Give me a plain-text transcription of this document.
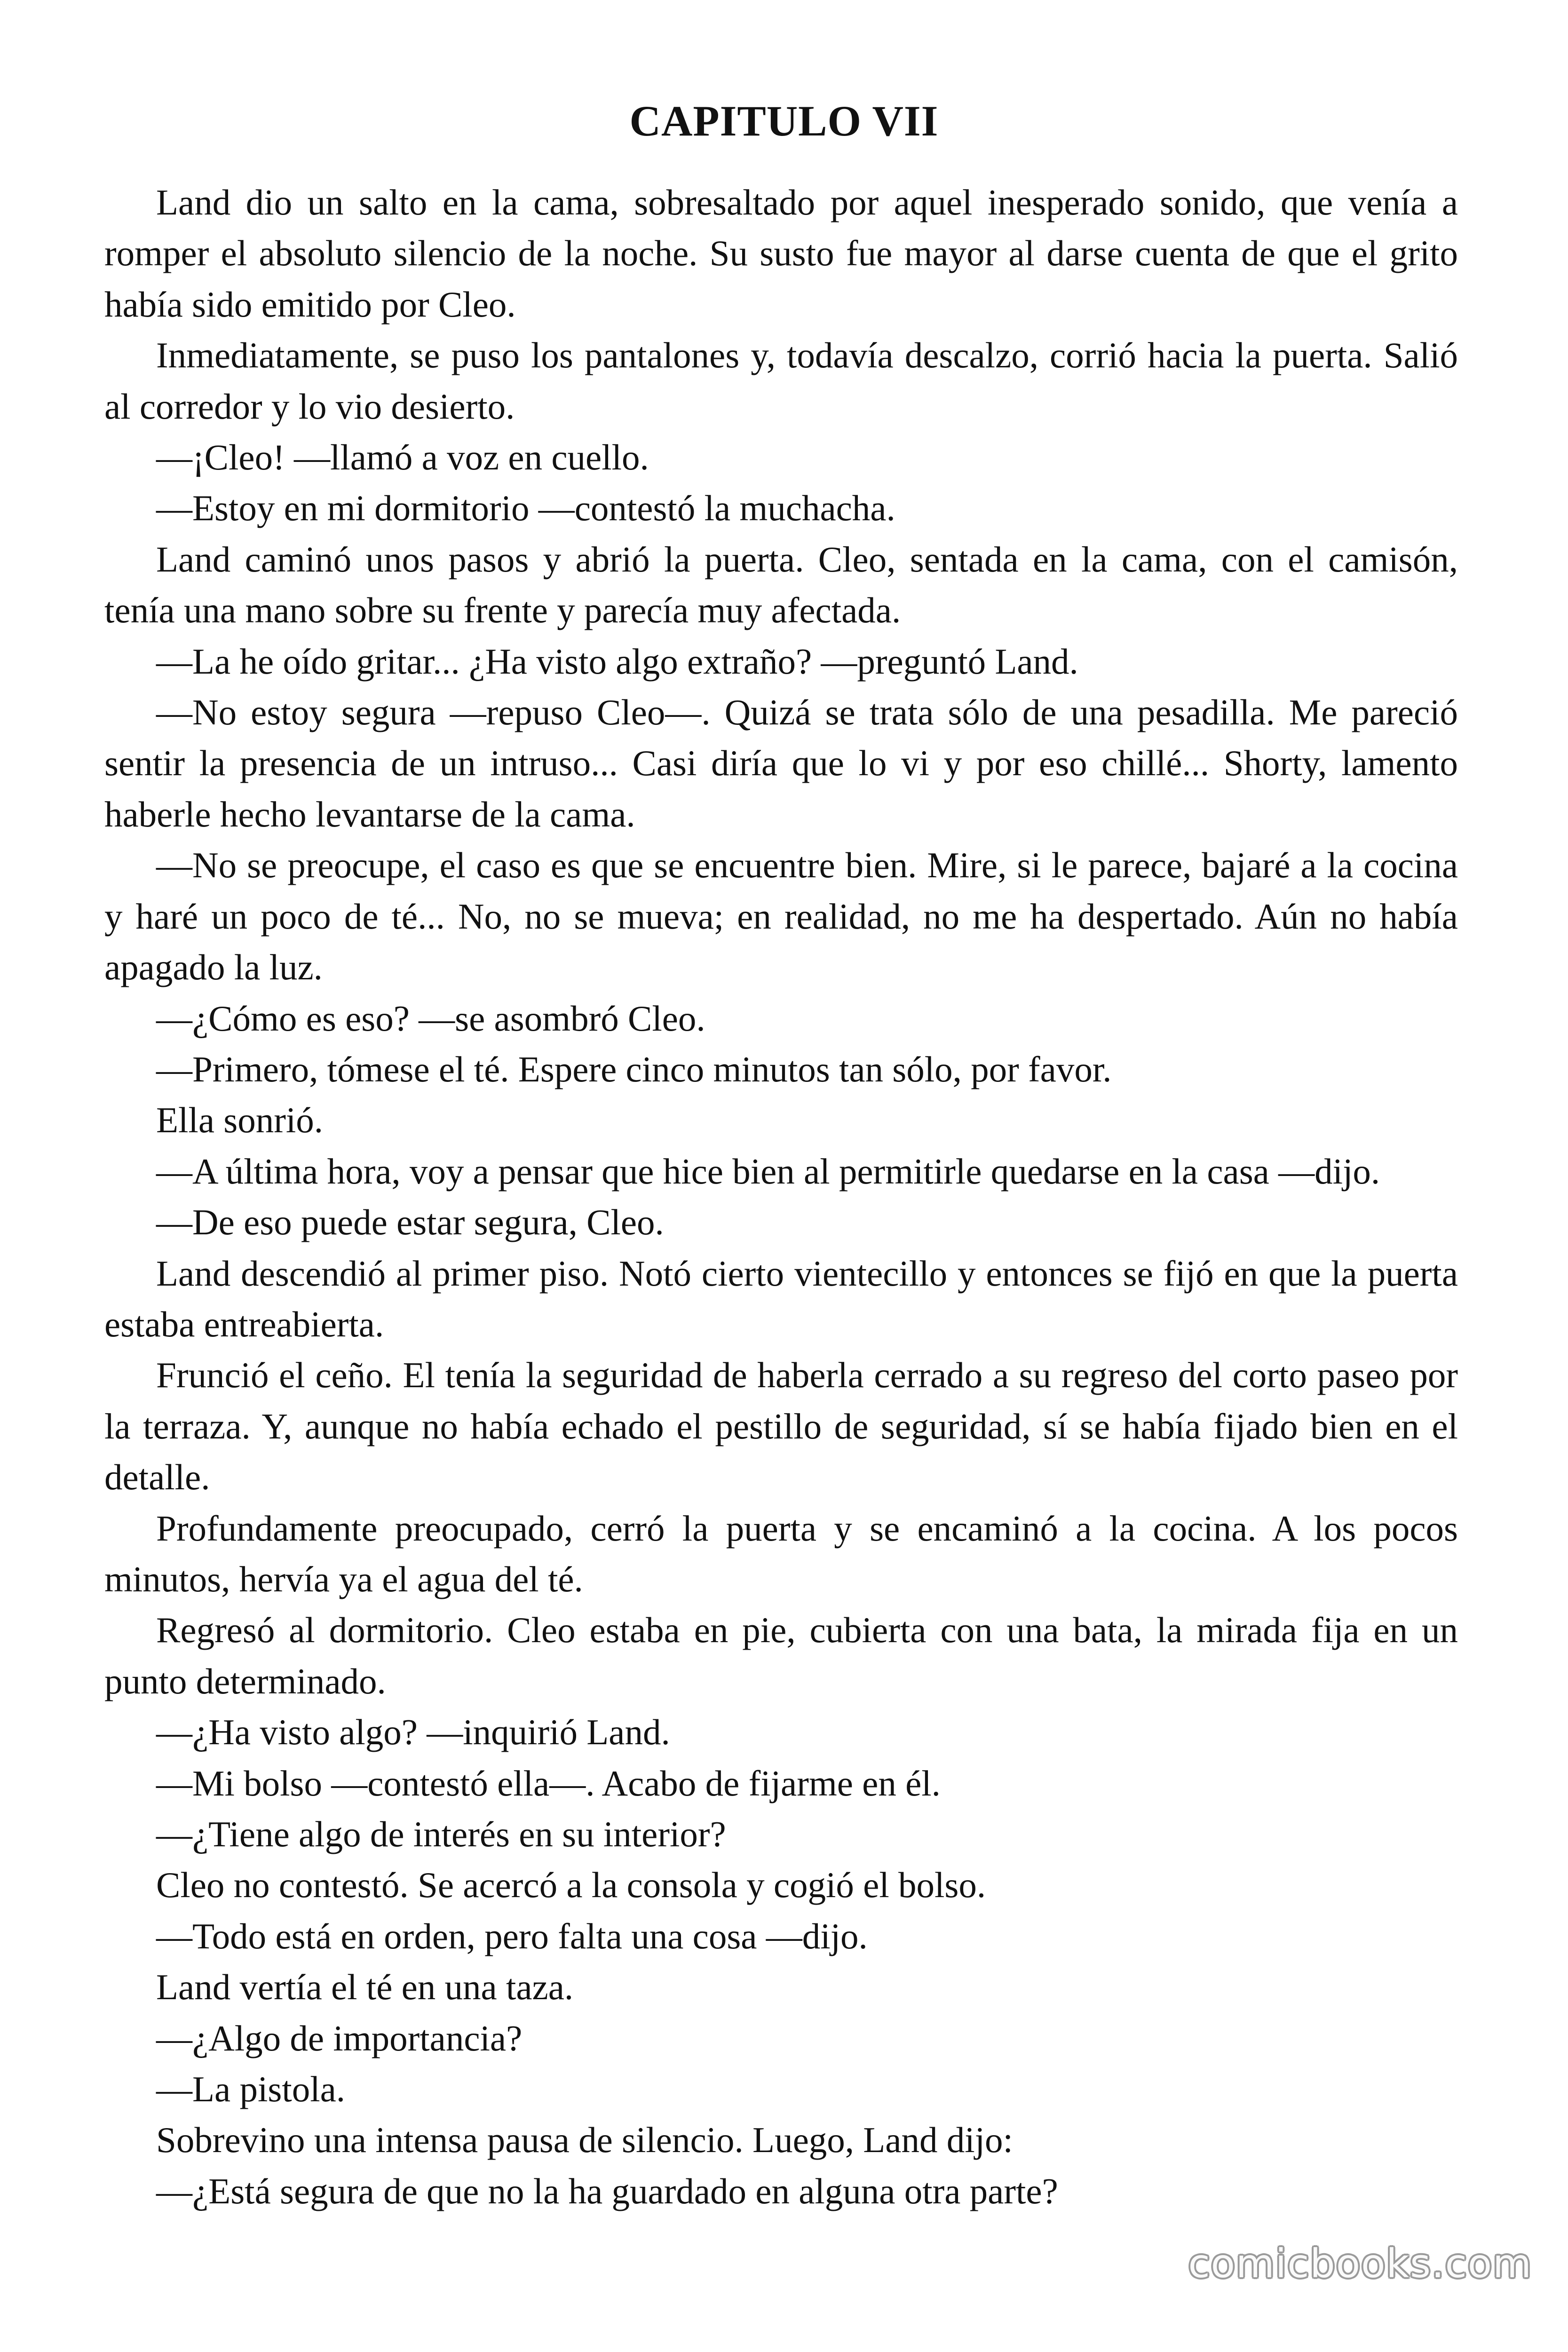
CAPITULO VII

Land dio un salto en la cama, sobresaltado por aquel inesperado sonido, que venía a romper el absoluto silencio de la noche. Su susto fue mayor al darse cuenta de que el grito había sido emitido por Cleo.

Inmediatamente, se puso los pantalones y, todavía descalzo, corrió hacia la puerta. Salió al corredor y lo vio desierto.

—¡Cleo! —llamó a voz en cuello.

—Estoy en mi dormitorio —contestó la muchacha.

Land caminó unos pasos y abrió la puerta. Cleo, sentada en la cama, con el camisón, tenía una mano sobre su frente y parecía muy afectada.

—La he oído gritar... ¿Ha visto algo extraño? —preguntó Land.

—No estoy segura —repuso Cleo—. Quizá se trata sólo de una pesadilla. Me pareció sentir la presencia de un intruso... Casi diría que lo vi y por eso chillé... Shorty, lamento haberle hecho levantarse de la cama.

—No se preocupe, el caso es que se encuentre bien. Mire, si le parece, bajaré a la cocina y haré un poco de té... No, no se mueva; en realidad, no me ha despertado. Aún no había apagado la luz.

—¿Cómo es eso? —se asombró Cleo.

—Primero, tómese el té. Espere cinco minutos tan sólo, por favor.

Ella sonrió.

—A última hora, voy a pensar que hice bien al permitirle quedarse en la casa —dijo.

—De eso puede estar segura, Cleo.

Land descendió al primer piso. Notó cierto vientecillo y entonces se fijó en que la puerta estaba entreabierta.

Frunció el ceño. El tenía la seguridad de haberla cerrado a su regreso del corto paseo por la terraza. Y, aunque no había echado el pestillo de seguridad, sí se había fijado bien en el detalle.

Profundamente preocupado, cerró la puerta y se encaminó a la cocina. A los pocos minutos, hervía ya el agua del té.

Regresó al dormitorio. Cleo estaba en pie, cubierta con una bata, la mirada fija en un punto determinado.

—¿Ha visto algo? —inquirió Land.

—Mi bolso —contestó ella—. Acabo de fijarme en él.

—¿Tiene algo de interés en su interior?

Cleo no contestó. Se acercó a la consola y cogió el bolso.

—Todo está en orden, pero falta una cosa —dijo.

Land vertía el té en una taza.

—¿Algo de importancia?

—La pistola.

Sobrevino una intensa pausa de silencio. Luego, Land dijo:

—¿Está segura de que no la ha guardado en alguna otra parte?

comicbooks.com
